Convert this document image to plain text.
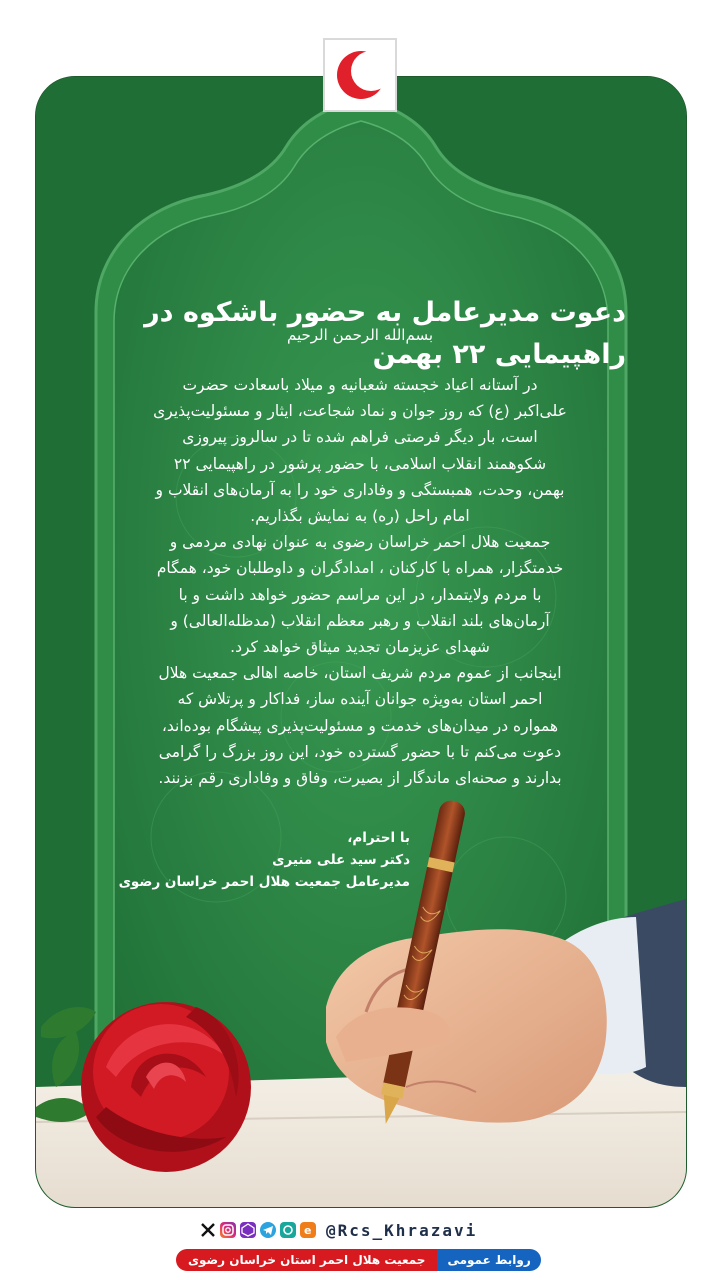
دعوت مدیرعامل به حضور باشکوه در
راهپیمایی ۲۲ بهمن
بسم‌الله الرحمن الرحیم
در آستانه اعیاد خجسته شعبانیه و میلاد باسعادت حضرت
علی‌اکبر (ع) که روز جوان و نماد شجاعت، ایثار و مسئولیت‌پذیری
است، بار دیگر فرصتی فراهم شده تا در سالروز پیروزی
شکوهمند انقلاب اسلامی، با حضور پرشور در راهپیمایی ۲۲
بهمن، وحدت، همبستگی و وفاداری خود را به آرمان‌های انقلاب و
امام راحل (ره) به نمایش بگذاریم.
جمعیت هلال احمر خراسان رضوی به عنوان نهادی مردمی و
خدمتگزار، همراه با کارکنان ، امدادگران و داوطلبان خود، همگام
با مردم ولایتمدار، در این مراسم حضور خواهد داشت و با
آرمان‌های بلند انقلاب و رهبر معظم انقلاب (مدظله‌العالی) و
شهدای عزیزمان تجدید میثاق خواهد کرد.
اینجانب از عموم مردم شریف استان، خاصه اهالی جمعیت هلال
احمر استان به‌ویژه جوانان آینده ساز، فداکار و پرتلاش که
همواره در میدان‌های خدمت و مسئولیت‌پذیری پیشگام بوده‌اند،
دعوت می‌کنم تا با حضور گسترده خود، این روز بزرگ را گرامی
بدارند و صحنه‌ای ماندگار از بصیرت، وفاق و وفاداری رقم بزنند.
با احترام،
دکتر سید علی منیری
مدیرعامل جمعیت هلال احمر خراسان رضوی
e @Rcs_Khrazavi
روابط عمومی
جمعیت هلال احمر استان خراسان رضوی
